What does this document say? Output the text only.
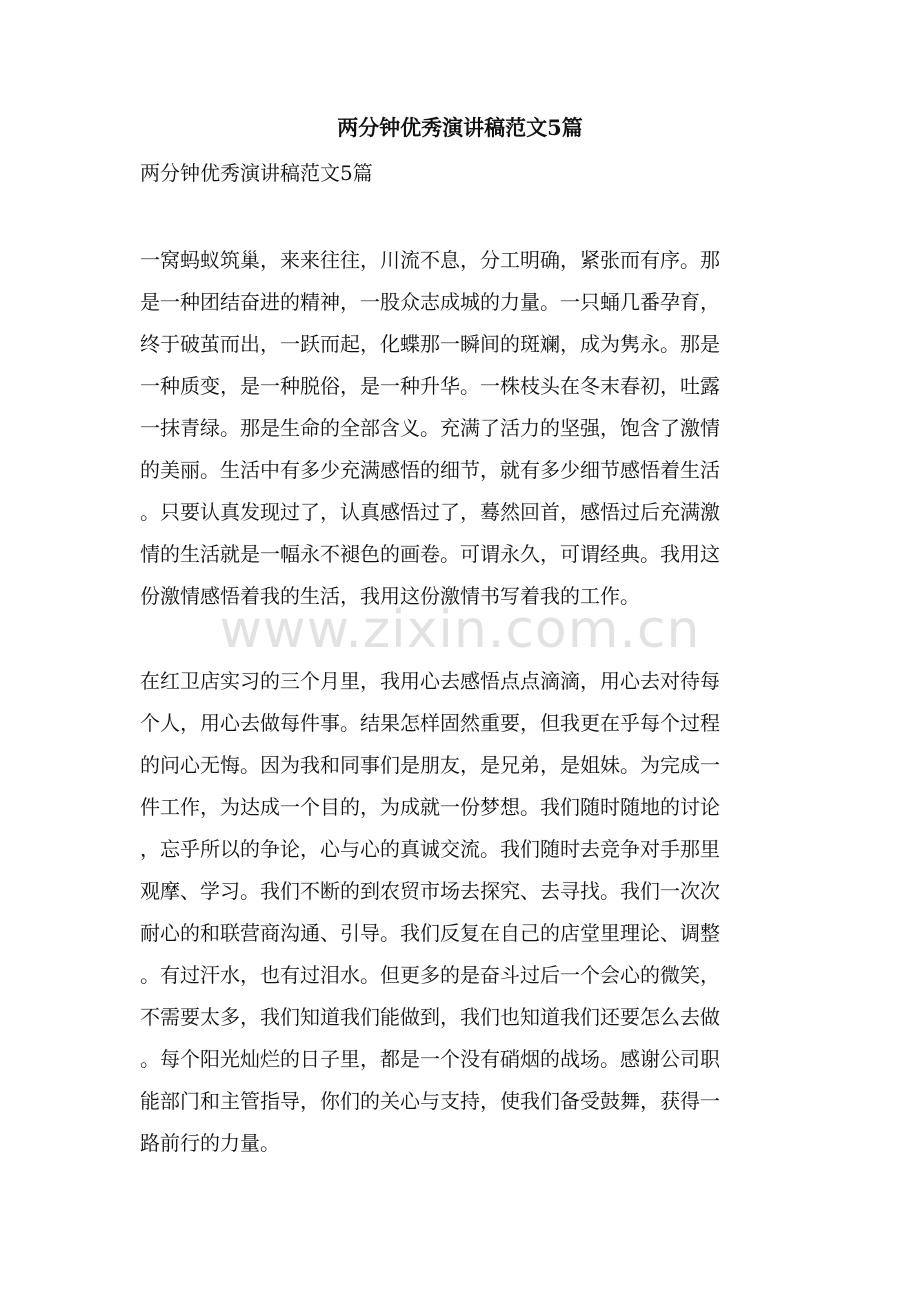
两分钟优秀演讲稿范文5篇
两分钟优秀演讲稿范文5篇
一窝蚂蚁筑巢，来来往往，川流不息，分工明确，紧张而有序。那
是一种团结奋进的精神，一股众志成城的力量。一只蛹几番孕育，
终于破茧而出，一跃而起，化蝶那一瞬间的斑斓，成为隽永。那是
一种质变，是一种脱俗，是一种升华。一株枝头在冬末春初，吐露
一抹青绿。那是生命的全部含义。充满了活力的坚强，饱含了激情
的美丽。生活中有多少充满感悟的细节，就有多少细节感悟着生活
。只要认真发现过了，认真感悟过了，蓦然回首，感悟过后充满激
情的生活就是一幅永不褪色的画卷。可谓永久，可谓经典。我用这
份激情感悟着我的生活，我用这份激情书写着我的工作。
www.zixin.com.cn
在红卫店实习的三个月里，我用心去感悟点点滴滴，用心去对待每
个人，用心去做每件事。结果怎样固然重要，但我更在乎每个过程
的问心无悔。因为我和同事们是朋友，是兄弟，是姐妹。为完成一
件工作，为达成一个目的，为成就一份梦想。我们随时随地的讨论
，忘乎所以的争论，心与心的真诚交流。我们随时去竞争对手那里
观摩、学习。我们不断的到农贸市场去探究、去寻找。我们一次次
耐心的和联营商沟通、引导。我们反复在自己的店堂里理论、调整
。有过汗水，也有过泪水。但更多的是奋斗过后一个会心的微笑，
不需要太多，我们知道我们能做到，我们也知道我们还要怎么去做
。每个阳光灿烂的日子里，都是一个没有硝烟的战场。感谢公司职
能部门和主管指导，你们的关心与支持，使我们备受鼓舞，获得一
路前行的力量。
